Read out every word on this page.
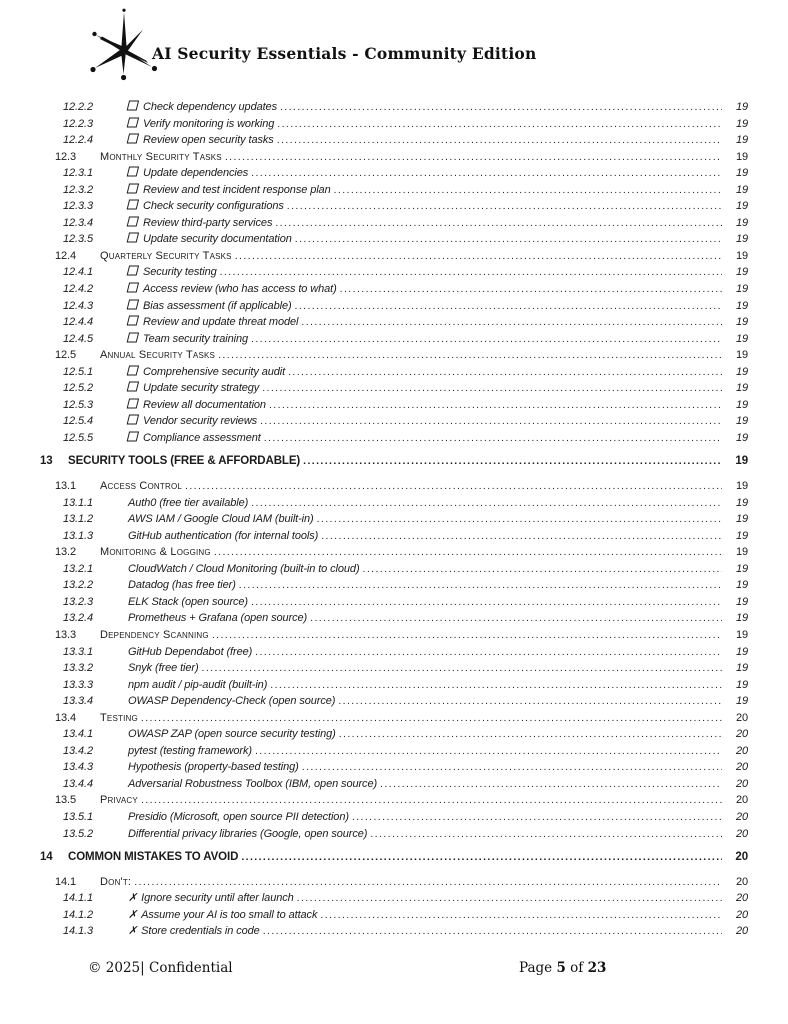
AI Security Essentials - Community Edition
12.2.2	Check dependency updates .....	19
12.2.3	Verify monitoring is working .....	19
12.2.4	Review open security tasks .....	19
12.3	Monthly Security Tasks .....	19
12.3.1	Update dependencies .....	19
12.3.2	Review and test incident response plan .....	19
12.3.3	Check security configurations .....	19
12.3.4	Review third-party services .....	19
12.3.5	Update security documentation .....	19
12.4	Quarterly Security Tasks .....	19
12.4.1	Security testing .....	19
12.4.2	Access review (who has access to what) .....	19
12.4.3	Bias assessment (if applicable) .....	19
12.4.4	Review and update threat model .....	19
12.4.5	Team security training .....	19
12.5	Annual Security Tasks .....	19
12.5.1	Comprehensive security audit .....	19
12.5.2	Update security strategy .....	19
12.5.3	Review all documentation .....	19
12.5.4	Vendor security reviews .....	19
12.5.5	Compliance assessment .....	19
13	SECURITY TOOLS (FREE & AFFORDABLE) .....	19
13.1	Access Control .....	19
13.1.1	Auth0 (free tier available) .....	19
13.1.2	AWS IAM / Google Cloud IAM (built-in) .....	19
13.1.3	GitHub authentication (for internal tools) .....	19
13.2	Monitoring & Logging .....	19
13.2.1	CloudWatch / Cloud Monitoring (built-in to cloud) .....	19
13.2.2	Datadog (has free tier) .....	19
13.2.3	ELK Stack (open source) .....	19
13.2.4	Prometheus + Grafana (open source) .....	19
13.3	Dependency Scanning .....	19
13.3.1	GitHub Dependabot (free) .....	19
13.3.2	Snyk (free tier) .....	19
13.3.3	npm audit / pip-audit (built-in) .....	19
13.3.4	OWASP Dependency-Check (open source) .....	19
13.4	Testing .....	20
13.4.1	OWASP ZAP (open source security testing) .....	20
13.4.2	pytest (testing framework) .....	20
13.4.3	Hypothesis (property-based testing) .....	20
13.4.4	Adversarial Robustness Toolbox (IBM, open source) .....	20
13.5	Privacy .....	20
13.5.1	Presidio (Microsoft, open source PII detection) .....	20
13.5.2	Differential privacy libraries (Google, open source) .....	20
14	COMMON MISTAKES TO AVOID .....	20
14.1	Don't: .....	20
14.1.1	✗ Ignore security until after launch .....	20
14.1.2	✗ Assume your AI is too small to attack .....	20
14.1.3	✗ Store credentials in code .....	20
© 2025| Confidential	Page 5 of 23
